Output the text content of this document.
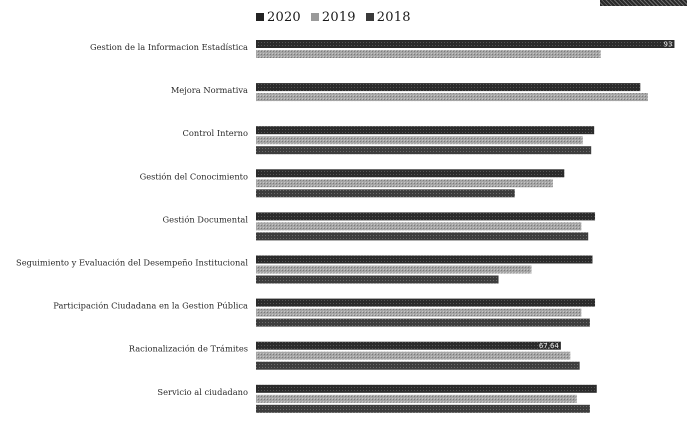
2020 2019 2018
Gestion de la Informacion Estadística	93
Mejora Normativa
Control Interno
Gestión del Conocimiento
Gestión Documental
Seguimiento y Evaluación del Desempeño Institucional
Participación Ciudadana en la Gestion Pública
Racionalización de Trámites	67,64
Servicio al ciudadano
